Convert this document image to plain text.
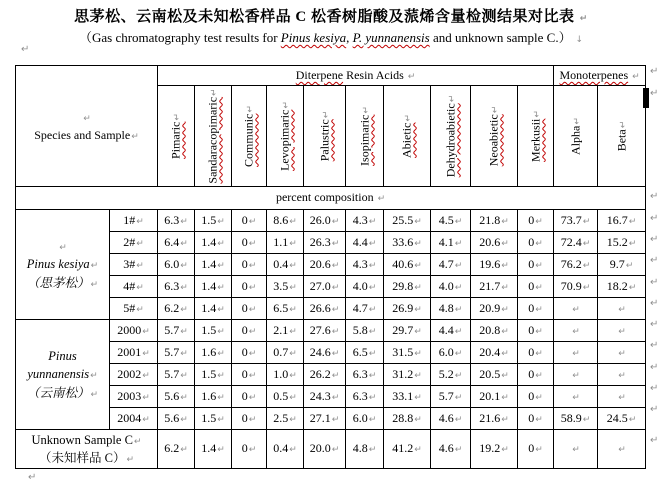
思茅松、云南松及未知松香样品 C 松香树脂酸及蒎烯含量检测结果对比表 ↵
（Gas chromatography test results for Pinus kesiya, P. yunnanensis and unknown sample C.） ↓
↵
Species and Sample↵		Diterpene Resin Acids ↵										Monoterpenes ↵	

		Pimaric↵	Sandaracopimaric↵	Communic↵	Levopimaric↵	Palustric↵	Isopimaric↵	Abietic↵	Dehydroabietic↵	Neoabietic↵	Merkusii↵	Alpha↵	Beta↵

percent composition ↵													

↵
Pinus kesiya↵
（思茅松）↵	1#↵	6.3↵	1.5↵	0↵	8.6↵	26.0↵	4.3↵	25.5↵	4.5↵	21.8↵	0↵	73.7↵	16.7↵
	2#↵	6.4↵	1.4↵	0↵	1.1↵	26.3↵	4.4↵	33.6↵	4.1↵	20.6↵	0↵	72.4↵	15.2↵
	3#↵	6.0↵	1.4↵	0↵	0.4↵	20.6↵	4.3↵	40.6↵	4.7↵	19.6↵	0↵	76.2↵	9.7↵
	4#↵	6.3↵	1.4↵	0↵	3.5↵	27.0↵	4.0↵	29.8↵	4.0↵	21.7↵	0↵	70.9↵	18.2↵
	5#↵	6.2↵	1.4↵	0↵	6.5↵	26.6↵	4.7↵	26.9↵	4.8↵	20.9↵	0↵	↵	↵

Pinus
yunnanensis↵
（云南松）↵	2000↵	5.7↵	1.5↵	0↵	2.1↵	27.6↵	5.8↵	29.7↵	4.4↵	20.8↵	0↵	↵	↵
	2001↵	5.7↵	1.6↵	0↵	0.7↵	24.6↵	6.5↵	31.5↵	6.0↵	20.4↵	0↵	↵	↵
	2002↵	5.7↵	1.5↵	0↵	1.0↵	26.2↵	6.3↵	31.2↵	5.2↵	20.5↵	0↵	↵	↵
	2003↵	5.6↵	1.6↵	0↵	0.5↵	24.3↵	6.3↵	33.1↵	5.7↵	20.1↵	0↵	↵	↵
	2004↵	5.6↵	1.5↵	0↵	2.5↵	27.1↵	6.0↵	28.8↵	4.6↵	21.6↵	0↵	58.9↵	24.5↵

Unknown Sample C↵
（未知样品 C）↵		6.2↵	1.4↵	0↵	0.4↵	20.0↵	4.8↵	41.2↵	4.6↵	19.2↵	0↵	↵	↵
↵
↵
↵
↵
↵
↵
↵
↵
↵
↵
↵
↵
↵
↵
↵
↵
